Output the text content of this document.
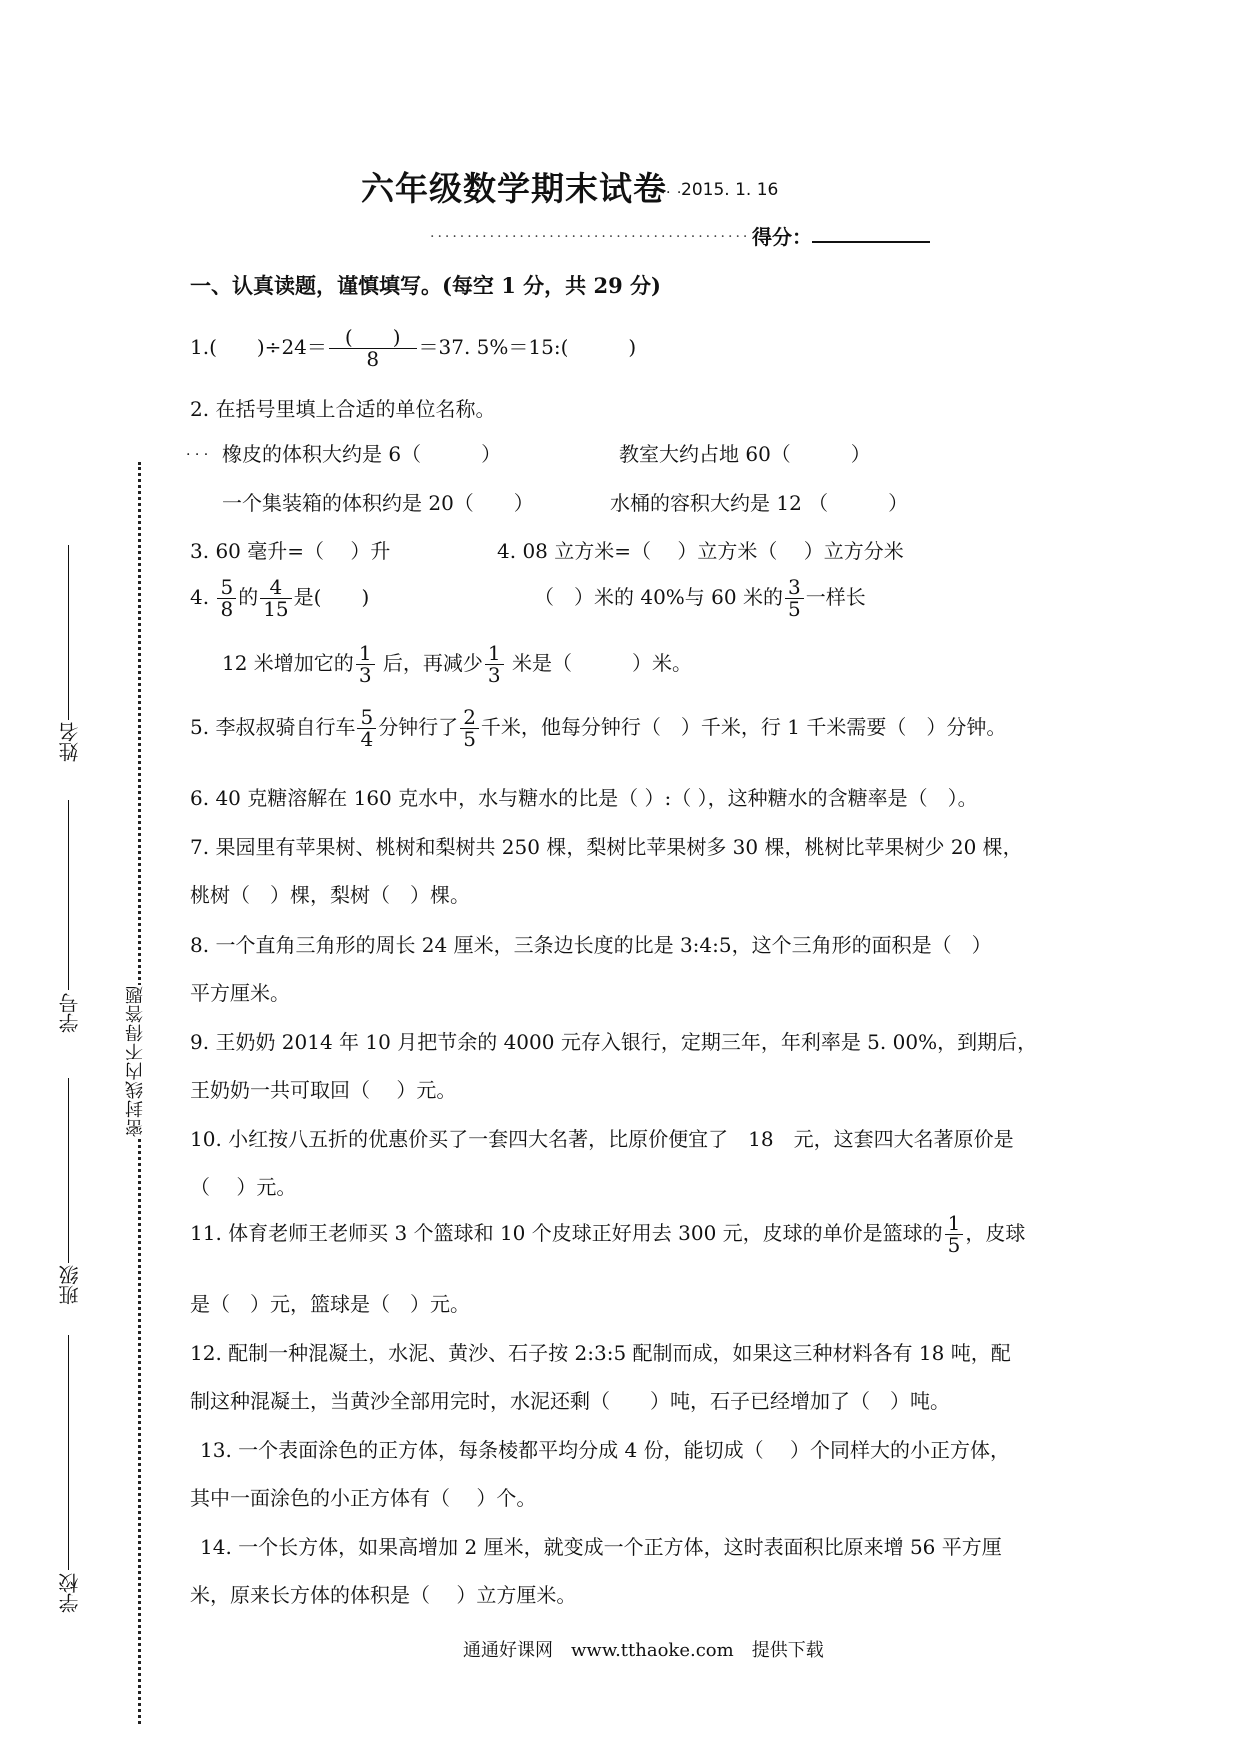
姓名
学号
班级
学校
密封线内不得答题
六年级数学期末试卷 . .
2015. 1. 16
........................................... 得分：
一、认真读题，谨慎填写。(每空 1 分，共 29 分)
1.(　　)$\div 24= \frac{( )}{8} =37$. 5%＝15:(　　　)
2. 在括号里填上合适的单位名称。
. . . 橡皮的体积大约是 6（　　　）	教室大约占地 60（　　　）
一个集装箱的体积约是 20（　　）	水桶的容积大约是 12 （　　　）
3. 60 毫升=（　 ）升	4. 08 立方米=（　 ）立方米（　 ）立方分米
4. $\frac{5}{8}$ 的 $\frac{4}{15}$ 是(　　)	（　）米的 40%与 60 米的 $\frac{3}{5}$ 一样长
12 米增加它的 $\frac{1}{3}$ 后，再减少 $\frac{1}{3}$ 米是（　　　）米。
5. 李叔叔骑自行车 $\frac{5}{4}$ 分钟行了 $\frac{2}{5}$ 千米，他每分钟行（　）千米，行 1 千米需要（　）分钟。
6. 40 克糖溶解在 160 克水中，水与糖水的比是（ ）:（ ），这种糖水的含糖率是（　）。
7. 果园里有苹果树、桃树和梨树共 250 棵，梨树比苹果树多 30 棵，桃树比苹果树少 20 棵，
桃树（　）棵，梨树（　）棵。
8. 一个直角三角形的周长 24 厘米，三条边长度的比是 3:4:5，这个三角形的面积是（　）
平方厘米。
9. 王奶奶 2014 年 10 月把节余的 4000 元存入银行，定期三年，年利率是 5. 00%，到期后，
王奶奶一共可取回（　 ）元。
10. 小红按八五折的优惠价买了一套四大名著，比原价便宜了　18　元，这套四大名著原价是
（　 ）元。
11. 体育老师王老师买 3 个篮球和 10 个皮球正好用去 300 元，皮球的单价是篮球的 $\frac{1}{5}$ ，皮球
是（　）元，篮球是（　）元。
12. 配制一种混凝土，水泥、黄沙、石子按 2:3:5 配制而成，如果这三种材料各有 18 吨，配
制这种混凝土，当黄沙全部用完时，水泥还剩（　　）吨，石子已经增加了（　）吨。
13. 一个表面涂色的正方体，每条棱都平均分成 4 份，能切成（　 ）个同样大的小正方体，
其中一面涂色的小正方体有（　 ）个。
14. 一个长方体，如果高增加 2 厘米，就变成一个正方体，这时表面积比原来增 56 平方厘
米，原来长方体的体积是（　 ）立方厘米。
通通好课网　www.tthaoke.com　提供下载
